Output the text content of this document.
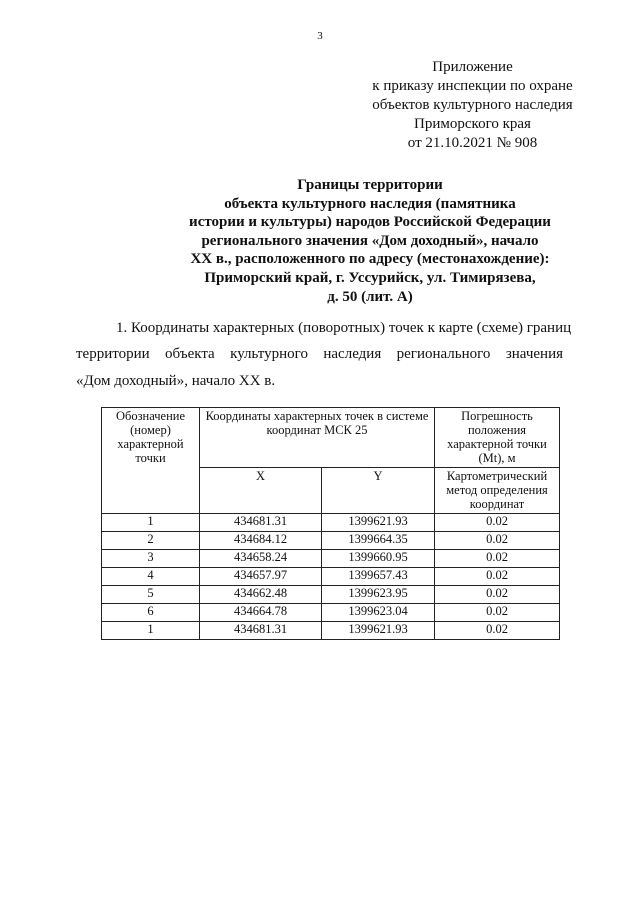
3
Приложение
к приказу инспекции по охране
объектов культурного наследия
Приморского края
от 21.10.2021 № 908
Границы территории
объекта культурного наследия (памятника
истории и культуры) народов Российской Федерации
регионального значения «Дом доходный», начало
XX в., расположенного по адресу (местонахождение):
Приморский край, г. Уссурийск, ул. Тимирязева,
д. 50 (лит. А)
1. Координаты характерных (поворотных) точек к карте (схеме) границ
территории объекта культурного наследия регионального значения
«Дом доходный», начало XX в.
Обозначение (номер) характерной точки	Координаты характерных точек в системе координат МСК 25		Погрешность положения характерной точки (Mt), м
	X	Y	Картометрический метод определения координат
1	434681.31	1399621.93	0.02
2	434684.12	1399664.35	0.02
3	434658.24	1399660.95	0.02
4	434657.97	1399657.43	0.02
5	434662.48	1399623.95	0.02
6	434664.78	1399623.04	0.02
1	434681.31	1399621.93	0.02
